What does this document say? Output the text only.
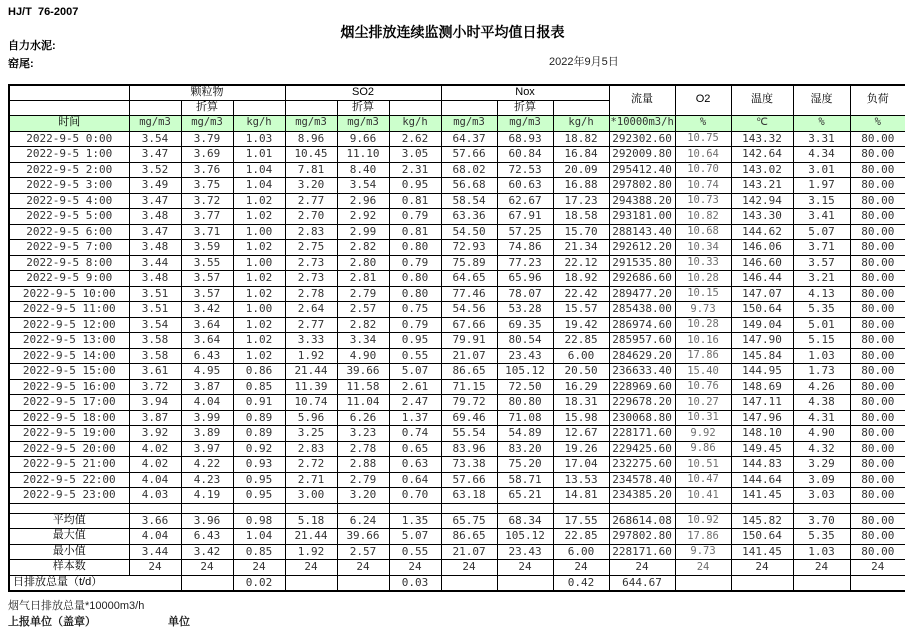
HJ/T  76-2007
烟尘排放连续监测小时平均值日报表
自力水泥:
窑尾:	2022年9月5日
	颗粒物			SO2			Nox			流量	O2	温度	湿度	负荷
		折算			折算			折算						
时间	mg/m3	mg/m3	kg/h	mg/m3	mg/m3	kg/h	mg/m3	mg/m3	kg/h	*10000m3/h	%	℃	%	%
2022-9-5 0:00	3.54	3.79	1.03	8.96	9.66	2.62	64.37	68.93	18.82	292302.60	10.75	143.32	3.31	80.00
2022-9-5 1:00	3.47	3.69	1.01	10.45	11.10	3.05	57.66	60.84	16.84	292009.80	10.64	142.64	4.34	80.00
2022-9-5 2:00	3.52	3.76	1.04	7.81	8.40	2.31	68.02	72.53	20.09	295412.40	10.70	143.02	3.01	80.00
2022-9-5 3:00	3.49	3.75	1.04	3.20	3.54	0.95	56.68	60.63	16.88	297802.80	10.74	143.21	1.97	80.00
2022-9-5 4:00	3.47	3.72	1.02	2.77	2.96	0.81	58.54	62.67	17.23	294388.20	10.73	142.94	3.15	80.00
2022-9-5 5:00	3.48	3.77	1.02	2.70	2.92	0.79	63.36	67.91	18.58	293181.00	10.82	143.30	3.41	80.00
2022-9-5 6:00	3.47	3.71	1.00	2.83	2.99	0.81	54.50	57.25	15.70	288143.40	10.68	144.62	5.07	80.00
2022-9-5 7:00	3.48	3.59	1.02	2.75	2.82	0.80	72.93	74.86	21.34	292612.20	10.34	146.06	3.71	80.00
2022-9-5 8:00	3.44	3.55	1.00	2.73	2.80	0.79	75.89	77.23	22.12	291535.80	10.33	146.60	3.57	80.00
2022-9-5 9:00	3.48	3.57	1.02	2.73	2.81	0.80	64.65	65.96	18.92	292686.60	10.28	146.44	3.21	80.00
2022-9-5 10:00	3.51	3.57	1.02	2.78	2.79	0.80	77.46	78.07	22.42	289477.20	10.15	147.07	4.13	80.00
2022-9-5 11:00	3.51	3.42	1.00	2.64	2.57	0.75	54.56	53.28	15.57	285438.00	9.73	150.64	5.35	80.00
2022-9-5 12:00	3.54	3.64	1.02	2.77	2.82	0.79	67.66	69.35	19.42	286974.60	10.28	149.04	5.01	80.00
2022-9-5 13:00	3.58	3.64	1.02	3.33	3.34	0.95	79.91	80.54	22.85	285957.60	10.16	147.90	5.15	80.00
2022-9-5 14:00	3.58	6.43	1.02	1.92	4.90	0.55	21.07	23.43	6.00	284629.20	17.86	145.84	1.03	80.00
2022-9-5 15:00	3.61	4.95	0.86	21.44	39.66	5.07	86.65	105.12	20.50	236633.40	15.40	144.95	1.73	80.00
2022-9-5 16:00	3.72	3.87	0.85	11.39	11.58	2.61	71.15	72.50	16.29	228969.60	10.76	148.69	4.26	80.00
2022-9-5 17:00	3.94	4.04	0.91	10.74	11.04	2.47	79.72	80.80	18.31	229678.20	10.27	147.11	4.38	80.00
2022-9-5 18:00	3.87	3.99	0.89	5.96	6.26	1.37	69.46	71.08	15.98	230068.80	10.31	147.96	4.31	80.00
2022-9-5 19:00	3.92	3.89	0.89	3.25	3.23	0.74	55.54	54.89	12.67	228171.60	9.92	148.10	4.90	80.00
2022-9-5 20:00	4.02	3.97	0.92	2.83	2.78	0.65	83.96	83.20	19.26	229425.60	9.86	149.45	4.32	80.00
2022-9-5 21:00	4.02	4.22	0.93	2.72	2.88	0.63	73.38	75.20	17.04	232275.60	10.51	144.83	3.29	80.00
2022-9-5 22:00	4.04	4.23	0.95	2.71	2.79	0.64	57.66	58.71	13.53	234578.40	10.47	144.64	3.09	80.00
2022-9-5 23:00	4.03	4.19	0.95	3.00	3.20	0.70	63.18	65.21	14.81	234385.20	10.41	141.45	3.03	80.00

平均值	3.66	3.96	0.98	5.18	6.24	1.35	65.75	68.34	17.55	268614.08	10.92	145.82	3.70	80.00
最大值	4.04	6.43	1.04	21.44	39.66	5.07	86.65	105.12	22.85	297802.80	17.86	150.64	5.35	80.00
最小值	3.44	3.42	0.85	1.92	2.57	0.55	21.07	23.43	6.00	228171.60	9.73	141.45	1.03	80.00
样本数	24	24	24	24	24	24	24	24	24	24	24	24	24	24
日排放总量（t/d）			0.02			0.03			0.42	644.67				
烟气日排放总量*10000m3/h
上报单位（盖章）	单位
